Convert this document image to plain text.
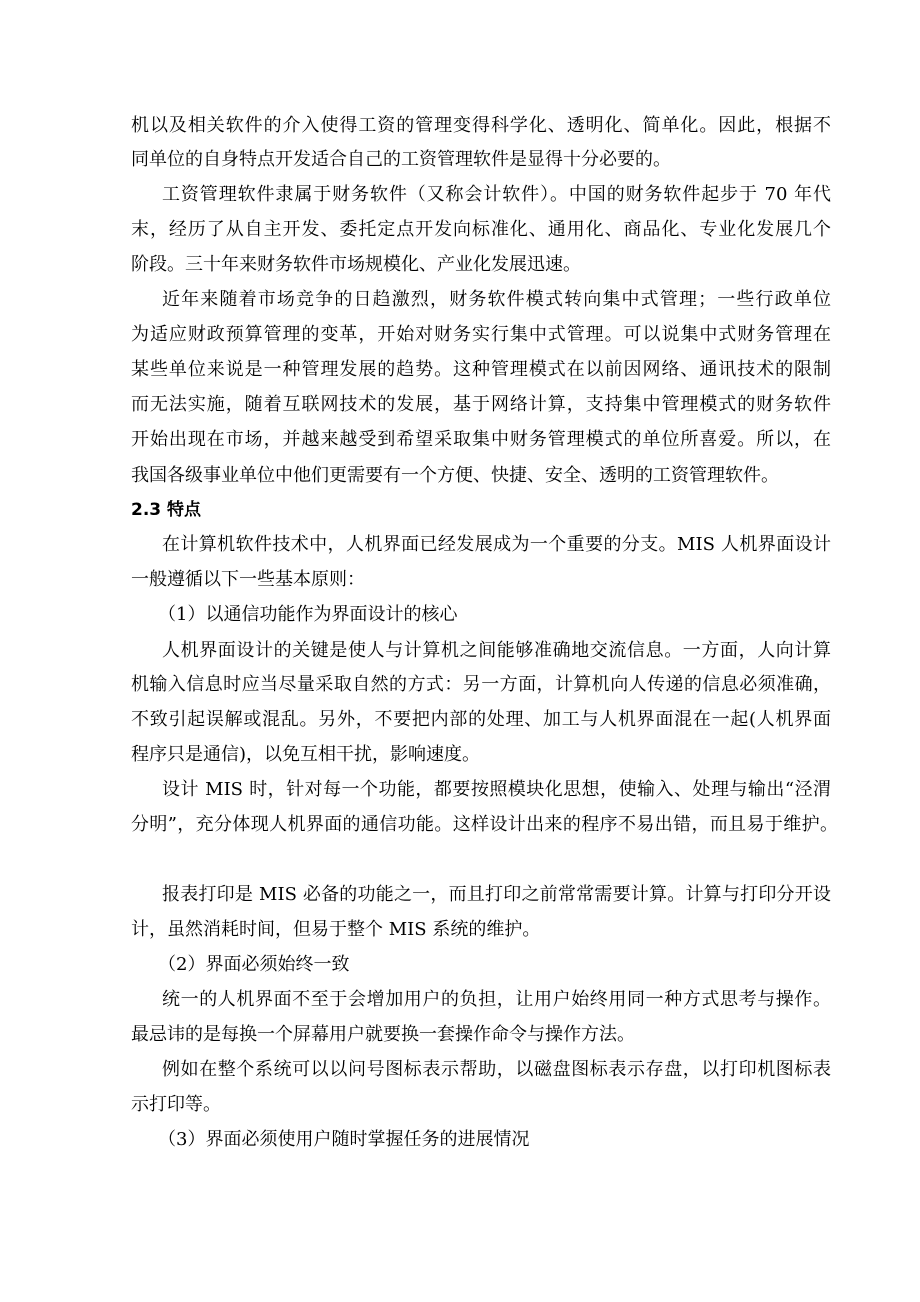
机以及相关软件的介入使得工资的管理变得科学化、透明化、简单化。因此，根据不
同单位的自身特点开发适合自己的工资管理软件是显得十分必要的。
工资管理软件隶属于财务软件（又称会计软件）。中国的财务软件起步于 70 年代
末，经历了从自主开发、委托定点开发向标准化、通用化、商品化、专业化发展几个
阶段。三十年来财务软件市场规模化、产业化发展迅速。
近年来随着市场竞争的日趋激烈，财务软件模式转向集中式管理；一些行政单位
为适应财政预算管理的变革，开始对财务实行集中式管理。可以说集中式财务管理在
某些单位来说是一种管理发展的趋势。这种管理模式在以前因网络、通讯技术的限制
而无法实施，随着互联网技术的发展，基于网络计算，支持集中管理模式的财务软件
开始出现在市场，并越来越受到希望采取集中财务管理模式的单位所喜爱。所以，在
我国各级事业单位中他们更需要有一个方便、快捷、安全、透明的工资管理软件。
2.3 特点
在计算机软件技术中，人机界面已经发展成为一个重要的分支。MIS 人机界面设计
一般遵循以下一些基本原则：
（1）以通信功能作为界面设计的核心
人机界面设计的关键是使人与计算机之间能够准确地交流信息。一方面，人向计算
机输入信息时应当尽量采取自然的方式：另一方面，计算机向人传递的信息必须准确，
不致引起误解或混乱。另外，不要把内部的处理、加工与人机界面混在一起(人机界面
程序只是通信)，以免互相干扰，影响速度。
设计 MIS 时，针对每一个功能，都要按照模块化思想，使输入、处理与输出“泾渭
分明”，充分体现人机界面的通信功能。这样设计出来的程序不易出错，而且易于维护。
报表打印是 MIS 必备的功能之一，而且打印之前常常需要计算。计算与打印分开设
计，虽然消耗时间，但易于整个 MIS 系统的维护。
（2）界面必须始终一致
统一的人机界面不至于会增加用户的负担，让用户始终用同一种方式思考与操作。
最忌讳的是每换一个屏幕用户就要换一套操作命令与操作方法。
例如在整个系统可以以问号图标表示帮助，以磁盘图标表示存盘，以打印机图标表
示打印等。
（3）界面必须使用户随时掌握任务的进展情况
